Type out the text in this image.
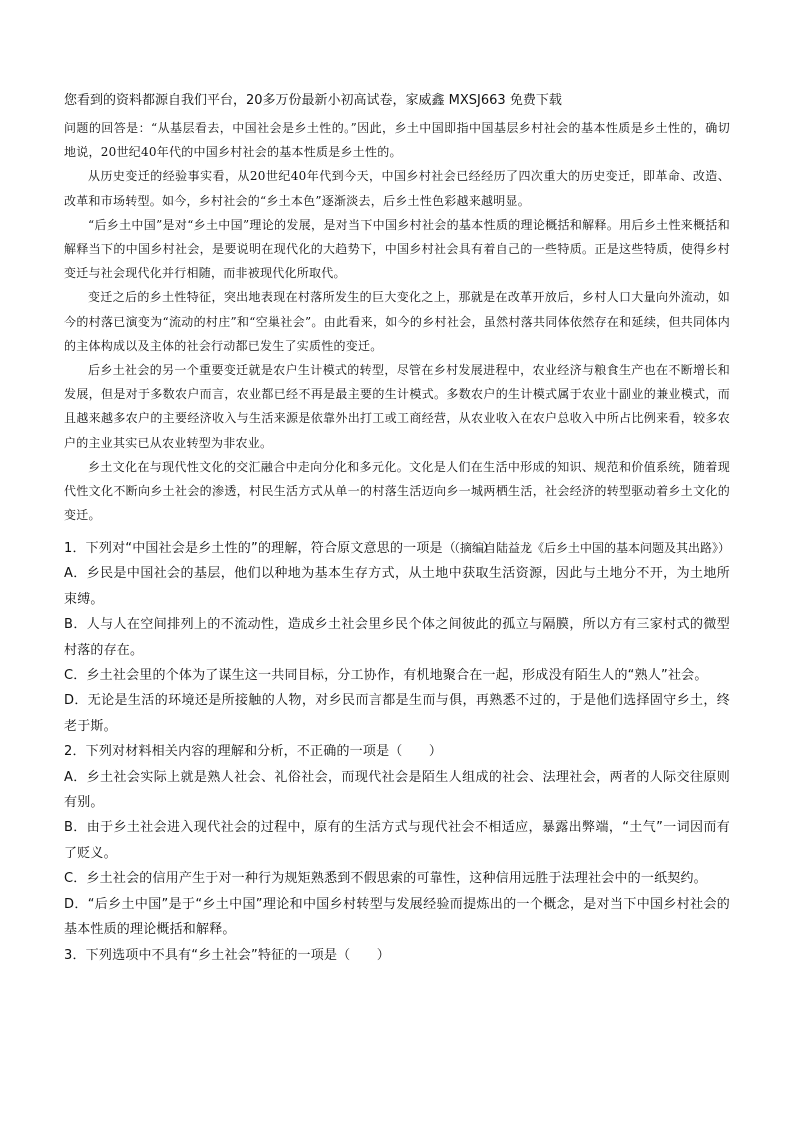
您看到的资料都源自我们平台，20多万份最新小初高试卷，家威鑫 MXSJ663 免费下载

问题的回答是：“从基层看去，中国社会是乡土性的。”因此，乡土中国即指中国基层乡村社会的基本性质是乡土性的，确切地说，20世纪40年代的中国乡村社会的基本性质是乡土性的。

从历史变迁的经验事实看，从20世纪40年代到今天，中国乡村社会已经经历了四次重大的历史变迁，即革命、改造、改革和市场转型。如今，乡村社会的“乡土本色”逐渐淡去，后乡土性色彩越来越明显。

“后乡土中国”是对“乡土中国”理论的发展，是对当下中国乡村社会的基本性质的理论概括和解释。用后乡土性来概括和解释当下的中国乡村社会，是要说明在现代化的大趋势下，中国乡村社会具有着自己的一些特质。正是这些特质，使得乡村变迁与社会现代化并行相随，而非被现代化所取代。

变迁之后的乡土性特征，突出地表现在村落所发生的巨大变化之上，那就是在改革开放后，乡村人口大量向外流动，如今的村落已演变为“流动的村庄”和“空巢社会”。由此看来，如今的乡村社会，虽然村落共同体依然存在和延续，但共同体内的主体构成以及主体的社会行动都已发生了实质性的变迁。

后乡土社会的另一个重要变迁就是农户生计模式的转型，尽管在乡村发展进程中，农业经济与粮食生产也在不断增长和发展，但是对于多数农户而言，农业都已经不再是最主要的生计模式。多数农户的生计模式属于农业十副业的兼业模式，而且越来越多农户的主要经济收入与生活来源是依靠外出打工或工商经营，从农业收入在农户总收入中所占比例来看，较多农户的主业其实已从农业转型为非农业。

乡土文化在与现代性文化的交汇融合中走向分化和多元化。文化是人们在生活中形成的知识、规范和价值系统，随着现代性文化不断向乡土社会的渗透，村民生活方式从单一的村落生活迈向乡一城两栖生活，社会经济的转型驱动着乡土文化的变迁。

（摘编自陆益龙《后乡土中国的基本问题及其出路》）

1．下列对“中国社会是乡土性的”的理解，符合原文意思的一项是（　　）

A．乡民是中国社会的基层，他们以种地为基本生存方式，从土地中获取生活资源，因此与土地分不开，为土地所束缚。

B．人与人在空间排列上的不流动性，造成乡土社会里乡民个体之间彼此的孤立与隔膜，所以方有三家村式的微型村落的存在。

C．乡土社会里的个体为了谋生这一共同目标，分工协作，有机地聚合在一起，形成没有陌生人的“熟人”社会。

D．无论是生活的环境还是所接触的人物，对乡民而言都是生而与俱，再熟悉不过的，于是他们选择固守乡土，终老于斯。

2．下列对材料相关内容的理解和分析，不正确的一项是（　　）

A．乡土社会实际上就是熟人社会、礼俗社会，而现代社会是陌生人组成的社会、法理社会，两者的人际交往原则有别。

B．由于乡土社会进入现代社会的过程中，原有的生活方式与现代社会不相适应，暴露出弊端，“土气”一词因而有了贬义。

C．乡土社会的信用产生于对一种行为规矩熟悉到不假思索的可靠性，这种信用远胜于法理社会中的一纸契约。

D．“后乡土中国”是于“乡土中国”理论和中国乡村转型与发展经验而提炼出的一个概念，是对当下中国乡村社会的基本性质的理论概括和解释。

3．下列选项中不具有“乡土社会”特征的一项是（　　）
